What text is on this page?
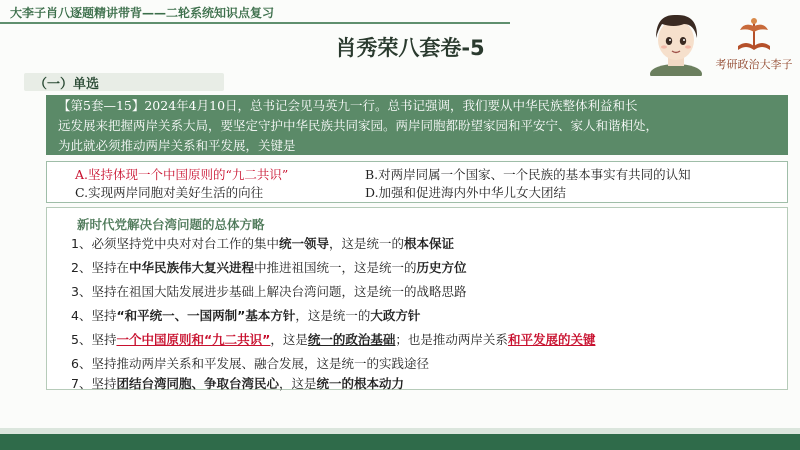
大李子肖八逐题精讲带背——二轮系统知识点复习
肖秀荣八套卷-5
考研政治大李子
（一）单选
【第5套—15】2024年4月10日，总书记会见马英九一行。总书记强调，我们要从中华民族整体利益和长
远发展来把握两岸关系大局，要坚定守护中华民族共同家园。两岸同胞都盼望家园和平安宁、家人和谐相处，
为此就必须推动两岸关系和平发展，关键是
A.坚持体现一个中国原则的“九二共识”	B.对两岸同属一个国家、一个民族的基本事实有共同的认知
C.实现两岸同胞对美好生活的向往	D.加强和促进海内外中华儿女大团结
新时代党解决台湾问题的总体方略
1、必须坚持党中央对对台工作的集中统一领导，这是统一的根本保证
2、坚持在中华民族伟大复兴进程中推进祖国统一，这是统一的历史方位
3、坚持在祖国大陆发展进步基础上解决台湾问题，这是统一的战略思路
4、坚持“和平统一、一国两制”基本方针，这是统一的大政方针
5、坚持一个中国原则和“九二共识”，这是统一的政治基础；也是推动两岸关系和平发展的关键
6、坚持推动两岸关系和平发展、融合发展，这是统一的实践途径
7、坚持团结台湾同胞、争取台湾民心，这是统一的根本动力
